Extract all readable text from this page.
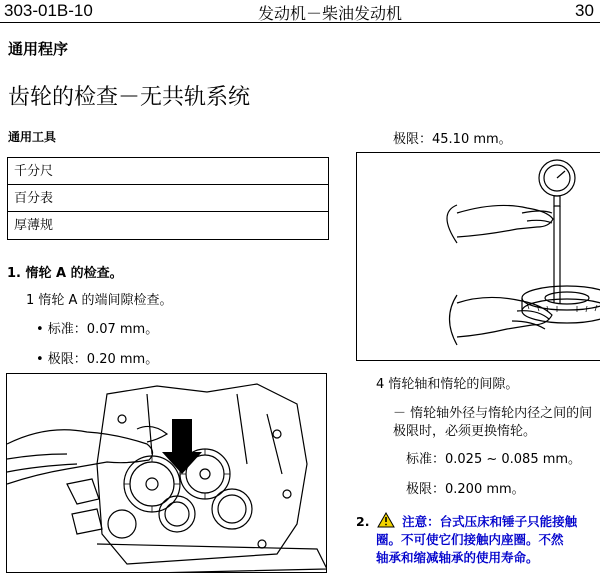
303-01B-10	发动机－柴油发动机	30
通用程序
齿轮的检查－无共轨系统
通用工具
千分尺
百分表
厚薄规
1. 惰轮 A 的检查。
1 惰轮 A 的端间隙检查。
• 标准：0.07 mm。
• 极限：0.20 mm。
极限：45.10 mm。
4 惰轮轴和惰轮的间隙。
－ 惰轮轴外径与惰轮内径之间的间
极限时，必须更换惰轮。
标准：0.025 ~ 0.085 mm。
极限：0.200 mm。
2.	注意：台式压床和锤子只能接触
圈。不可使它们接触内座圈。不然
轴承和缩减轴承的使用寿命。
